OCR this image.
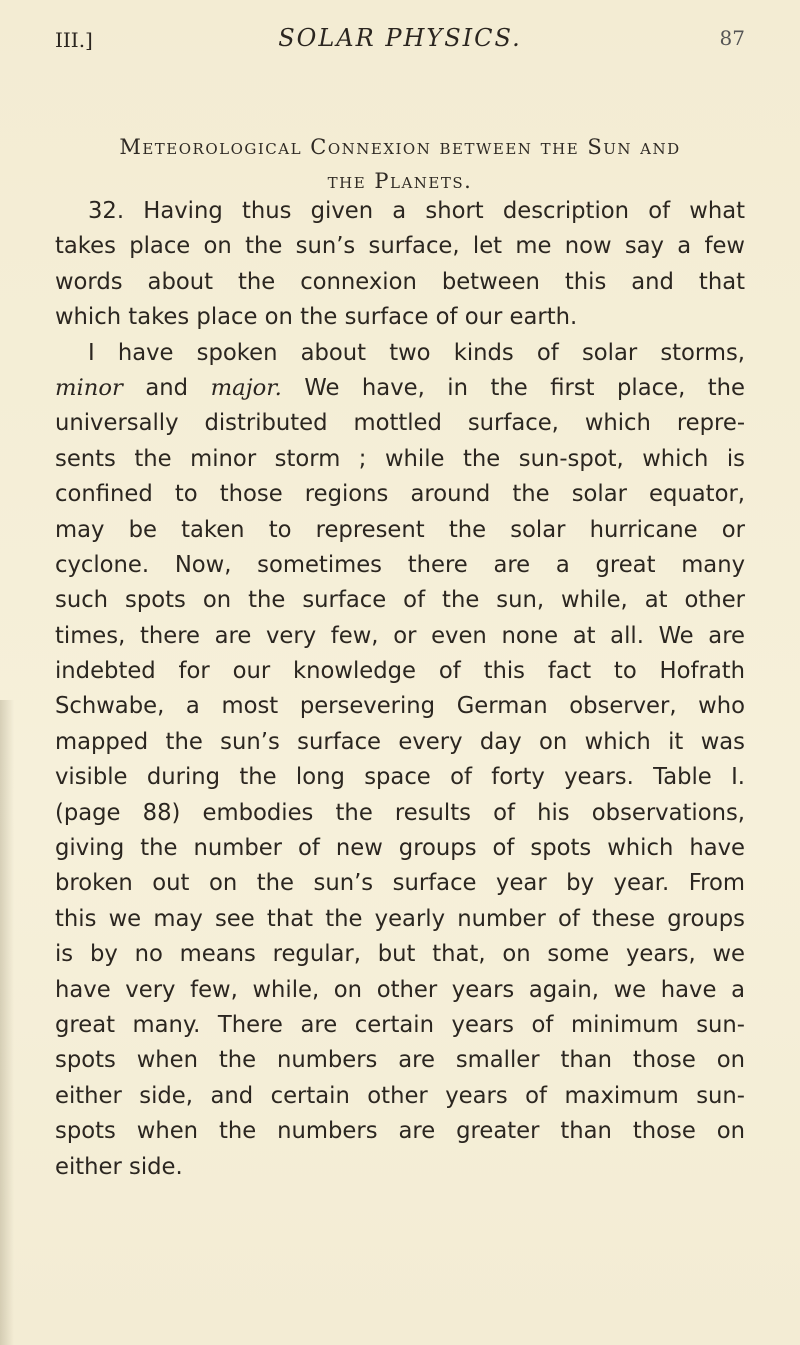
III.]	SOLAR PHYSICS.	87
Meteorological Connexion between the Sun and
the Planets.
32. Having thus given a short description of what
takes place on the sun’s surface, let me now say a few
words about the connexion between this and that
which takes place on the surface of our earth.
I have spoken about two kinds of solar storms,
minor and major. We have, in the first place, the
universally distributed mottled surface, which repre-
sents the minor storm ; while the sun-spot, which is
confined to those regions around the solar equator,
may be taken to represent the solar hurricane or
cyclone. Now, sometimes there are a great many
such spots on the surface of the sun, while, at other
times, there are very few, or even none at all. We are
indebted for our knowledge of this fact to Hofrath
Schwabe, a most persevering German observer, who
mapped the sun’s surface every day on which it was
visible during the long space of forty years. Table I.
(page 88) embodies the results of his observations,
giving the number of new groups of spots which have
broken out on the sun’s surface year by year. From
this we may see that the yearly number of these groups
is by no means regular, but that, on some years, we
have very few, while, on other years again, we have a
great many. There are certain years of minimum sun-
spots when the numbers are smaller than those on
either side, and certain other years of maximum sun-
spots when the numbers are greater than those on
either side.
